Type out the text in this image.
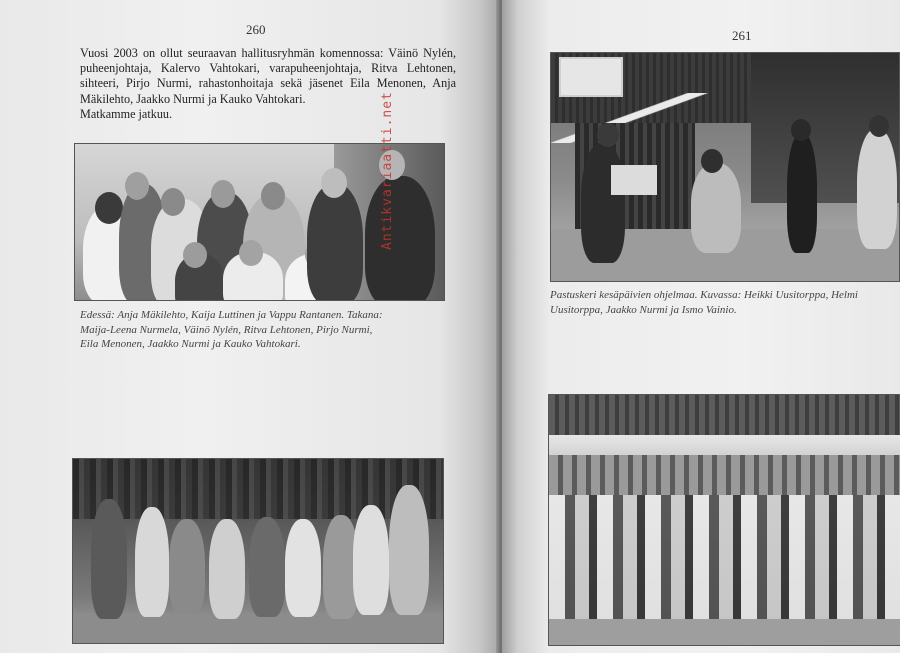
260

Vuosi 2003 on ollut seuraavan hallitusryhmän komennossa: Väinö Nylén, puheenjohtaja, Kalervo Vahtokari, varapuheenjohtaja, Ritva Lehtonen, sihteeri, Pirjo Nurmi, rahastonhoitaja sekä jäsenet Eila Menonen, Anja Mäkilehto, Jaakko Nurmi ja Kauko Vahtokari.

Matkamme jatkuu.

Edessä: Anja Mäkilehto, Kaija Luttinen ja Vappu Rantanen. Takana: Maija-Leena Nurmela, Väinö Nylén, Ritva Lehtonen, Pirjo Nurmi, Eila Menonen, Jaakko Nurmi ja Kauko Vahtokari.

Antikvariaatti.net
261

Pastuskeri kesäpäivien ohjelmaa. Kuvassa: Heikki Uusitorppa, Helmi Uusitorppa, Jaakko Nurmi ja Ismo Vainio.
